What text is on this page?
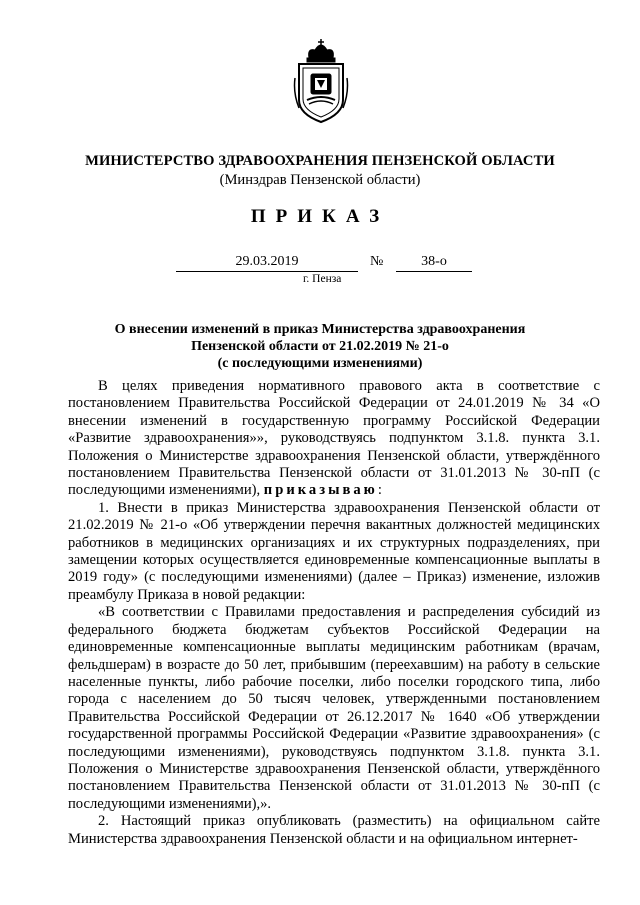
МИНИСТЕРСТВО ЗДРАВООХРАНЕНИЯ ПЕНЗЕНСКОЙ ОБЛАСТИ
(Минздрав Пензенской области)
ПРИКАЗ
29.03.2019	№	38-о
г. Пенза
О внесении изменений в приказ Министерства здравоохранения
Пензенской области от 21.02.2019 № 21-о
(с последующими изменениями)

В целях приведения нормативного правового акта в соответствие с постановлением Правительства Российской Федерации от 24.01.2019 № 34 «О внесении изменений в государственную программу Российской Федерации «Развитие здравоохранения»», руководствуясь подпунктом 3.1.8. пункта 3.1. Положения о Министерстве здравоохранения Пензенской области, утверждённого постановлением Правительства Пензенской области от 31.01.2013 № 30-пП (с последующими изменениями), приказываю:

1. Внести в приказ Министерства здравоохранения Пензенской области от 21.02.2019 № 21-о «Об утверждении перечня вакантных должностей медицинских работников в медицинских организациях и их структурных подразделениях, при замещении которых осуществляется единовременные компенсационные выплаты в 2019 году» (с последующими изменениями) (далее – Приказ) изменение, изложив преамбулу Приказа в новой редакции:

«В соответствии с Правилами предоставления и распределения субсидий из федерального бюджета бюджетам субъектов Российской Федерации на единовременные компенсационные выплаты медицинским работникам (врачам, фельдшерам) в возрасте до 50 лет, прибывшим (переехавшим) на работу в сельские населенные пункты, либо рабочие поселки, либо поселки городского типа, либо города с населением до 50 тысяч человек, утвержденными постановлением Правительства Российской Федерации от 26.12.2017 № 1640 «Об утверждении государственной программы Российской Федерации «Развитие здравоохранения» (с последующими изменениями), руководствуясь подпунктом 3.1.8. пункта 3.1. Положения о Министерстве здравоохранения Пензенской области, утверждённого постановлением Правительства Пензенской области от 31.01.2013 № 30-пП (с последующими изменениями),».

2. Настоящий приказ опубликовать (разместить) на официальном сайте Министерства здравоохранения Пензенской области и на официальном интернет-
